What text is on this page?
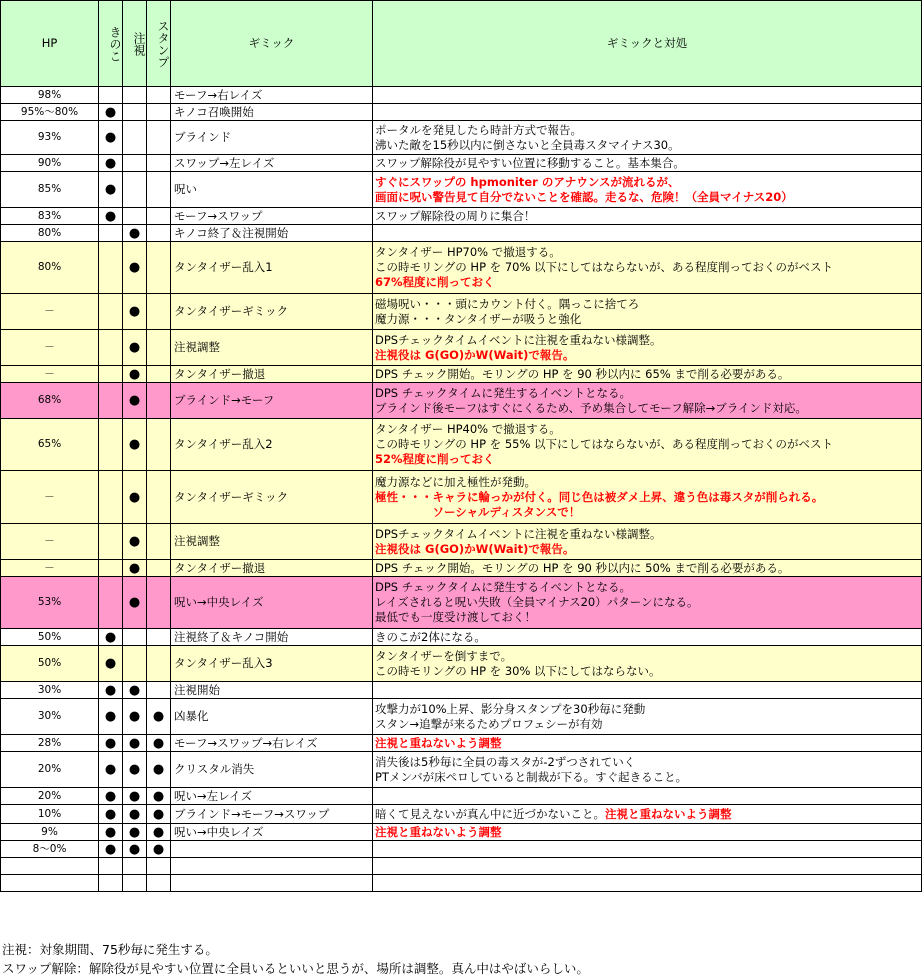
HP	きのこ	注視	スタンプ	ギミック	ギミックと対処
98%				モーフ→右レイズ	
95%～80%	●			キノコ召喚開始	
93%	●			ブラインド	ポータルを発見したら時計方式で報告。
沸いた敵を15秒以内に倒さないと全員毒スタマイナス30。

90%	●			スワップ→左レイズ	スワップ解除役が見やすい位置に移動すること。基本集合。

85%	●			呪い	すぐにスワップの hpmoniter のアナウンスが流れるが、
画面に呪い警告見て自分でないことを確認。走るな、危険！（全員マイナス20）

83%	●			モーフ→スワップ	スワップ解除役の周りに集合！

80%		●		キノコ終了＆注視開始	
80%		●		タンタイザー乱入1	タンタイザー HP70% で撤退する。
この時モリングの HP を 70% 以下にしてはならないが、ある程度削っておくのがベスト
67%程度に削っておく

－		●		タンタイザーギミック	磁場呪い・・・頭にカウント付く。隅っこに捨てろ
魔力源・・・タンタイザーが吸うと強化

－		●		注視調整	DPSチェックタイムイベントに注視を重ねない様調整。
注視役は G(GO)かW(Wait)で報告。

－		●		タンタイザー撤退	DPS チェック開始。モリングの HP を 90 秒以内に 65% まで削る必要がある。

68%		●		ブラインド→モーフ	DPS チェックタイムに発生するイベントとなる。
ブラインド後モーフはすぐにくるため、予め集合してモーフ解除→ブラインド対応。

65%		●		タンタイザー乱入2	タンタイザー HP40% で撤退する。
この時モリングの HP を 55% 以下にしてはならないが、ある程度削っておくのがベスト
52%程度に削っておく

－		●		タンタイザーギミック	魔力源などに加え極性が発動。
極性・・・キャラに輪っかが付く。同じ色は被ダメ上昇、違う色は毒スタが削られる。
　　　　　ソーシャルディスタンスで！

－		●		注視調整	DPSチェックタイムイベントに注視を重ねない様調整。
注視役は G(GO)かW(Wait)で報告。

－		●		タンタイザー撤退	DPS チェック開始。モリングの HP を 90 秒以内に 50% まで削る必要がある。

53%		●		呪い→中央レイズ	DPS チェックタイムに発生するイベントとなる。
レイズされると呪い失敗（全員マイナス20）パターンになる。
最低でも一度受け渡しておく！

50%	●			注視終了＆キノコ開始	きのこが2体になる。

50%	●			タンタイザー乱入3	タンタイザーを倒すまで。
この時モリングの HP を 30% 以下にしてはならない。

30%	●	●		注視開始	
30%	●	●	●	凶暴化	攻撃力が10%上昇、影分身スタンプを30秒毎に発動
スタン→追撃が来るためプロフェシーが有効

28%	●	●	●	モーフ→スワップ→右レイズ	注視と重ねないよう調整

20%	●	●	●	クリスタル消失	消失後は5秒毎に全員の毒スタが-2ずつされていく
PTメンバが床ペロしていると制裁が下る。すぐ起きること。

20%	●	●	●	呪い→左レイズ	
10%	●	●	●	ブラインド→モーフ→スワップ	暗くて見えないが真ん中に近づかないこと。注視と重ねないよう調整

9%	●	●	●	呪い→中央レイズ	注視と重ねないよう調整

8～0%	●	●	●		

注視：対象期間、75秒毎に発生する。
スワップ解除：解除役が見やすい位置に全員いるといいと思うが、場所は調整。真ん中はやばいらしい。
